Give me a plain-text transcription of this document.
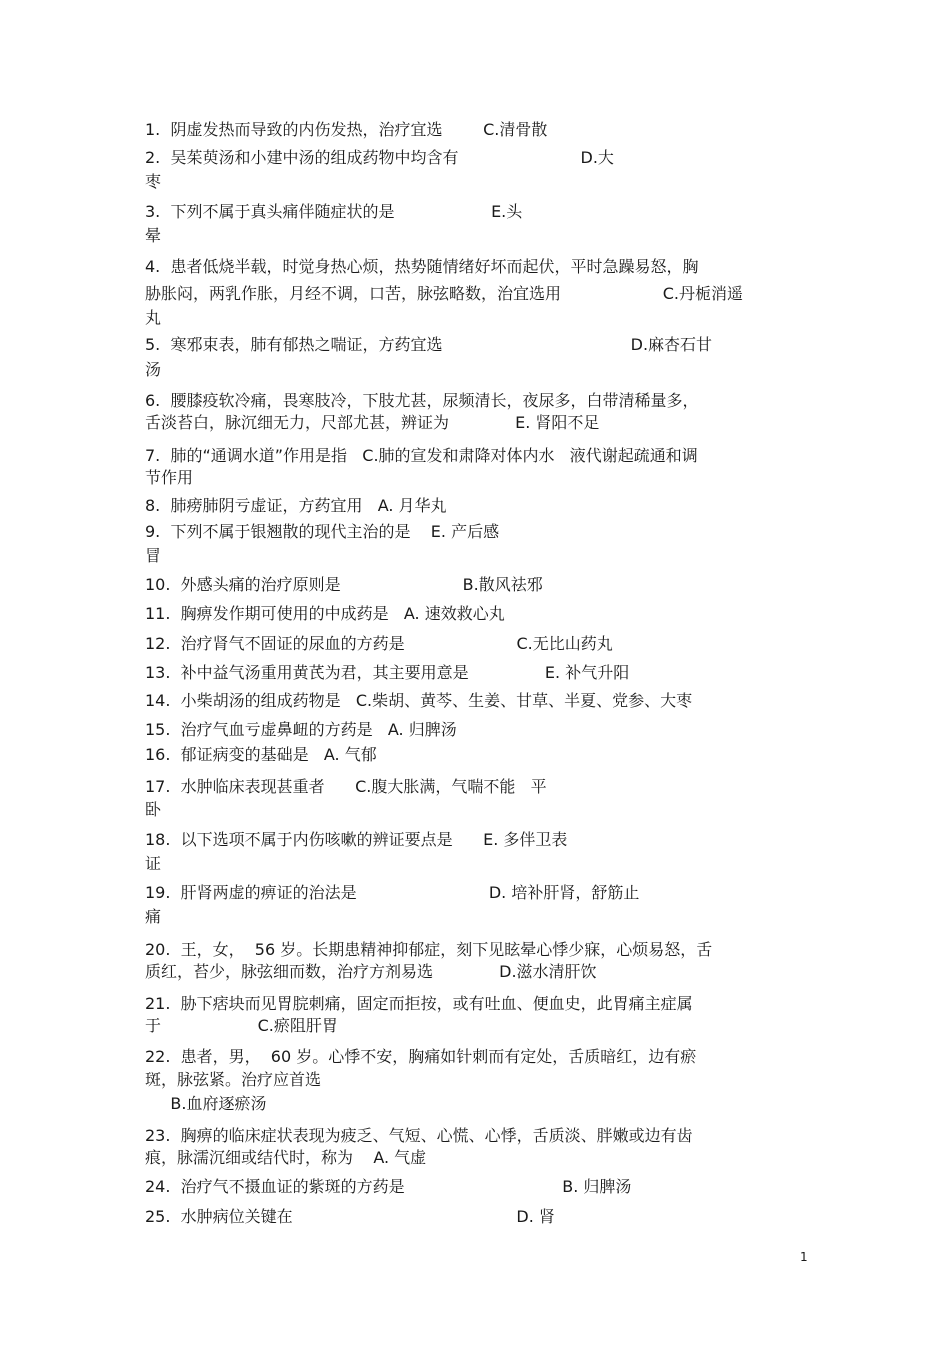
1.  阴虚发热而导致的内伤发热，治疗宜选        C.清骨散
2.  吴茱萸汤和小建中汤的组成药物中均含有                        D.大
枣
3.  下列不属于真头痛伴随症状的是                   E.头
晕
4.  患者低烧半载，时觉身热心烦，热势随情绪好坏而起伏，平时急躁易怒，胸
胁胀闷，两乳作胀，月经不调，口苦，脉弦略数，治宜选用                    C.丹栀消遥
丸
5.  寒邪束表，肺有郁热之喘证，方药宜选                                     D.麻杏石甘
汤
6.  腰膝疫软冷痛，畏寒肢冷，下肢尤甚，尿频清长，夜尿多，白带清稀量多，
舌淡苔白，脉沉细无力，尺部尤甚，辨证为             E. 肾阳不足
7.  肺的“通调水道”作用是指   C.肺的宣发和肃降对体内水   液代谢起疏通和调
节作用
8.  肺痨肺阴亏虚证，方药宜用   A. 月华丸
9.  下列不属于银翘散的现代主治的是    E. 产后感
冒
10.  外感头痛的治疗原则是                        B.散风祛邪
11.  胸痹发作期可使用的中成药是   A. 速效救心丸
12.  治疗肾气不固证的尿血的方药是                      C.无比山药丸
13.  补中益气汤重用黄芪为君，其主要用意是               E. 补气升阳
14.  小柴胡汤的组成药物是   C.柴胡、黄芩、生姜、甘草、半夏、党参、大枣
15.  治疗气血亏虚鼻衄的方药是   A. 归脾汤
16.  郁证病变的基础是   A. 气郁
17.  水肿临床表现甚重者      C.腹大胀满，气喘不能   平
卧
18.  以下选项不属于内伤咳嗽的辨证要点是      E. 多伴卫表
证
19.  肝肾两虚的痹证的治法是                          D. 培补肝肾，舒筋止
痛
20.  王，女，  56 岁。长期患精神抑郁症，刻下见眩晕心悸少寐，心烦易怒，舌
质红，苔少，脉弦细而数，治疗方剂易选             D.滋水清肝饮
21.  胁下痞块而见胃脘刺痛，固定而拒按，或有吐血、便血史，此胃痛主症属
于                   C.瘀阻肝胃
22.  患者，男，  60 岁。心悸不安，胸痛如针刺而有定处，舌质暗红，边有瘀
斑，脉弦紧。治疗应首选
B.血府逐瘀汤
23.  胸痹的临床症状表现为疲乏、气短、心慌、心悸，舌质淡、胖嫩或边有齿
痕，脉濡沉细或结代时，称为    A. 气虚
24.  治疗气不摄血证的紫斑的方药是                               B. 归脾汤
25.  水肿病位关键在                                            D. 肾
1
